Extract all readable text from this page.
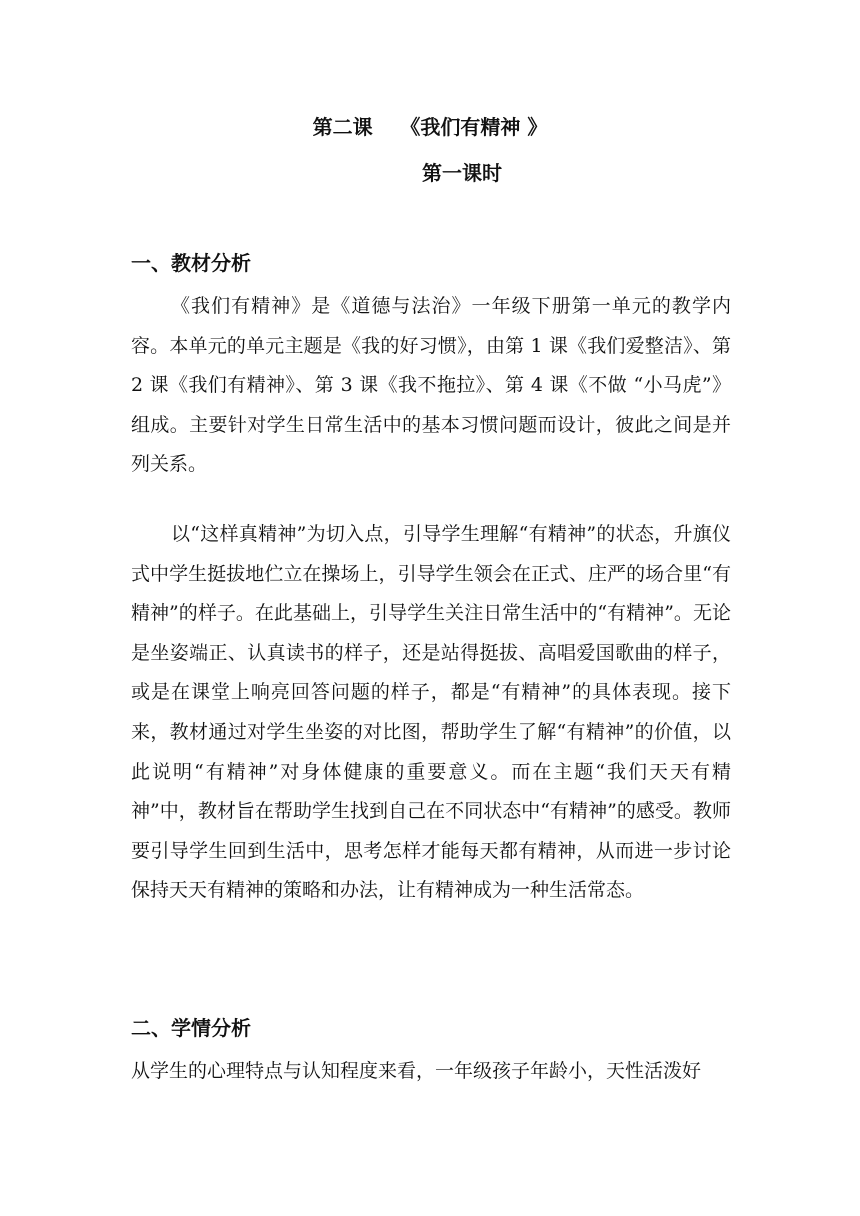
第二课    《我们有精神 》
第一课时
一、教材分析

《我们有精神》是《道德与法治》一年级下册第一单元的教学内容。本单元的单元主题是《我的好习惯》，由第 1 课《我们爱整洁》、第 2 课《我们有精神》、第 3 课《我不拖拉》、第 4 课《不做 “小马虎”》组成。主要针对学生日常生活中的基本习惯问题而设计，彼此之间是并列关系。

以“这样真精神”为切入点，引导学生理解“有精神”的状态，升旗仪式中学生挺拔地伫立在操场上，引导学生领会在正式、庄严的场合里“有精神”的样子。在此基础上，引导学生关注日常生活中的“有精神”。无论是坐姿端正、认真读书的样子，还是站得挺拔、高唱爱国歌曲的样子，或是在课堂上响亮回答问题的样子，都是“有精神”的具体表现。接下来，教材通过对学生坐姿的对比图，帮助学生了解“有精神”的价值，以此说明“有精神”对身体健康的重要意义。而在主题“我们天天有精神”中，教材旨在帮助学生找到自己在不同状态中“有精神”的感受。教师要引导学生回到生活中，思考怎样才能每天都有精神，从而进一步讨论保持天天有精神的策略和办法，让有精神成为一种生活常态。

二、学情分析

从学生的心理特点与认知程度来看，一年级孩子年龄小，天性活泼好
